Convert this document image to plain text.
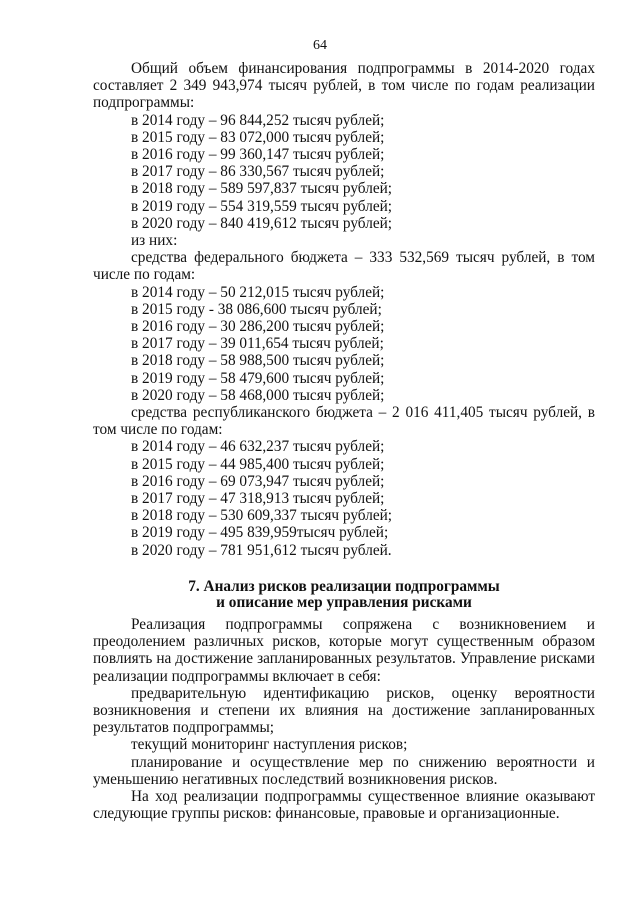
64

Общий объем финансирования подпрограммы в 2014-2020 годах составляет 2 349 943,974 тысяч рублей, в том числе по годам реализации подпрограммы:

в 2014 году – 96 844,252 тысяч рублей;

в 2015 году – 83 072,000 тысяч рублей;

в 2016 году – 99 360,147 тысяч рублей;

в 2017 году – 86 330,567 тысяч рублей;

в 2018 году – 589 597,837 тысяч рублей;

в 2019 году – 554 319,559 тысяч рублей;

в 2020 году – 840 419,612 тысяч рублей;

из них:

средства федерального бюджета – 333 532,569 тысяч рублей, в том числе по годам:

в 2014 году – 50 212,015 тысяч рублей;

в 2015 году - 38 086,600 тысяч рублей;

в 2016 году – 30 286,200 тысяч рублей;

в 2017 году – 39 011,654 тысяч рублей;

в 2018 году – 58 988,500 тысяч рублей;

в 2019 году – 58 479,600 тысяч рублей;

в 2020 году – 58 468,000 тысяч рублей;

средства республиканского бюджета – 2 016 411,405 тысяч рублей, в том числе по годам:

в 2014 году – 46 632,237 тысяч рублей;

в 2015 году – 44 985,400 тысяч рублей;

в 2016 году – 69 073,947 тысяч рублей;

в 2017 году – 47 318,913 тысяч рублей;

в 2018 году – 530 609,337 тысяч рублей;

в 2019 году – 495 839,959тысяч рублей;

в 2020 году – 781 951,612 тысяч рублей.

7. Анализ рисков реализации подпрограммы
и описание мер управления рисками

Реализация подпрограммы сопряжена с возникновением и преодолением различных рисков, которые могут существенным образом повлиять на достижение запланированных результатов. Управление рисками реализации подпрограммы включает в себя:

предварительную идентификацию рисков, оценку вероятности возникновения и степени их влияния на достижение запланированных результатов подпрограммы;

текущий мониторинг наступления рисков;

планирование и осуществление мер по снижению вероятности и уменьшению негативных последствий возникновения рисков.

На ход реализации подпрограммы существенное влияние оказывают следующие группы рисков: финансовые, правовые и организационные.
